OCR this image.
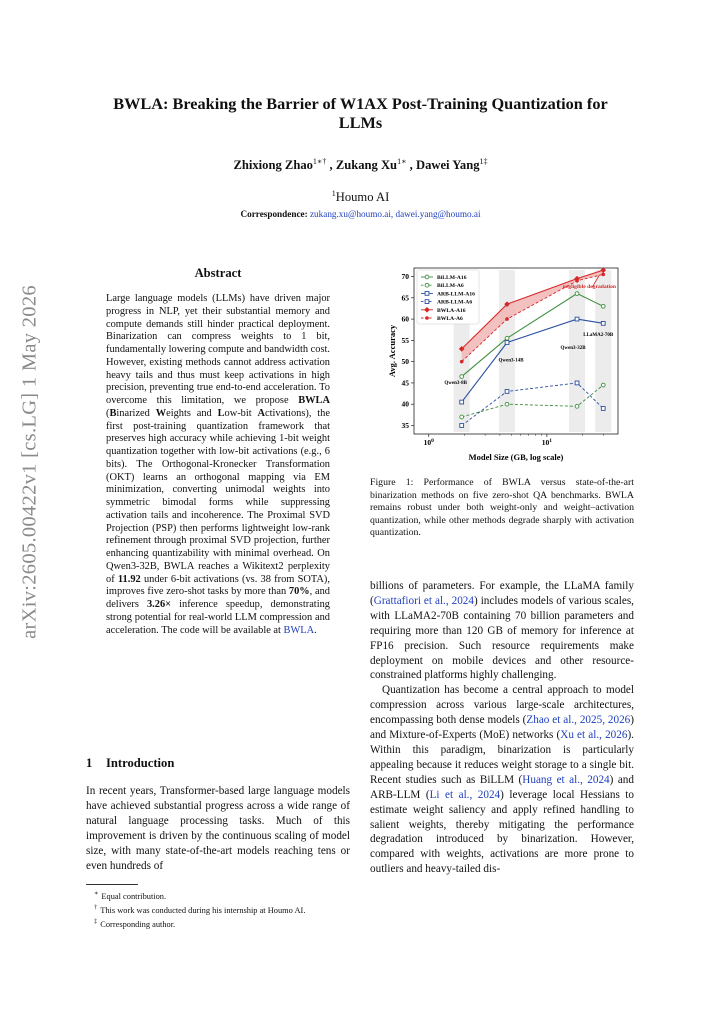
arXiv:2605.00422v1 [cs.LG] 1 May 2026
BWLA: Breaking the Barrier of W1AX Post-Training Quantization for
LLMs
Zhixiong Zhao$^{1∗\dagger}$ , Zukang $Xu^{1∗}$ , Dawei Yang$^{1\ddagger}$
$^1$Houmo AI
Correspondence: zukang.xu@houmo.ai, dawei.yang@houmo.ai
Abstract
Large language models (LLMs) have driven major progress in NLP, yet their substantial memory and compute demands still hinder practical deployment. Binarization can compress weights to 1 bit, fundamentally lowering compute and bandwidth cost. However, existing methods cannot address activation heavy tails and thus must keep activations in high precision, preventing true end-to-end acceleration. To overcome this limitation, we propose BWLA (Binarized Weights and Low-bit Activations), the first post-training quantization framework that preserves high accuracy while achieving 1-bit weight quantization together with low-bit activations (e.g., 6 bits). The Orthogonal-Kronecker Transformation (OKT) learns an orthogonal mapping via EM minimization, converting unimodal weights into symmetric bimodal forms while suppressing activation tails and incoherence. The Proximal SVD Projection (PSP) then performs lightweight low-rank refinement through proximal SVD projection, further enhancing quantizability with minimal overhead. On Qwen3-32B, BWLA reaches a Wikitext2 perplexity of 11.92 under 6-bit activations (vs. 38 from SOTA), improves five zero-shot tasks by more than 70%, and delivers 3.26× inference speedup, demonstrating strong potential for real-world LLM compression and acceleration. The code will be available at BWLA.
1 Introduction
In recent years, Transformer-based large language models have achieved substantial progress across a wide range of natural language processing tasks. Much of this improvement is driven by the continuous scaling of model size, with many state-of-the-art models reaching tens or even hundreds of

∗ Equal contribution.

† This work was conducted during his internship at Houmo AI.

‡ Corresponding author.

35
40
45
50
55
60
65
70
$10^0$	$10^1$
Model Size (GB, log scale)
Avg. Accuracy
Qwen3-8B
Qwen3-14B
Qwen3-32B
LLaMA2-70B
negligible degradation
BiLLM-A16
BiLLM-A6
ARB-LLM-A16
ARB-LLM-A6
BWLA-A16
BWLA-A6
Figure 1: Performance of BWLA versus state-of-the-art binarization methods on five zero-shot QA benchmarks. BWLA remains robust under both weight-only and weight–activation quantization, while other methods degrade sharply with activation quantization.

billions of parameters. For example, the LLaMA family (Grattafiori et al., 2024) includes models of various scales, with LLaMA2-70B containing 70 billion parameters and requiring more than 120 GB of memory for inference at FP16 precision. Such resource requirements make deployment on mobile devices and other resource-constrained platforms highly challenging.

Quantization has become a central approach to model compression across various large-scale architectures, encompassing both dense models (Zhao et al., 2025, 2026) and Mixture-of-Experts (MoE) networks (Xu et al., 2026). Within this paradigm, binarization is particularly appealing because it reduces weight storage to a single bit. Recent studies such as BiLLM (Huang et al., 2024) and ARB-LLM (Li et al., 2024) leverage local Hessians to estimate weight saliency and apply refined handling to salient weights, thereby mitigating the performance degradation introduced by binarization. However, compared with weights, activations are more prone to outliers and heavy-tailed dis-
